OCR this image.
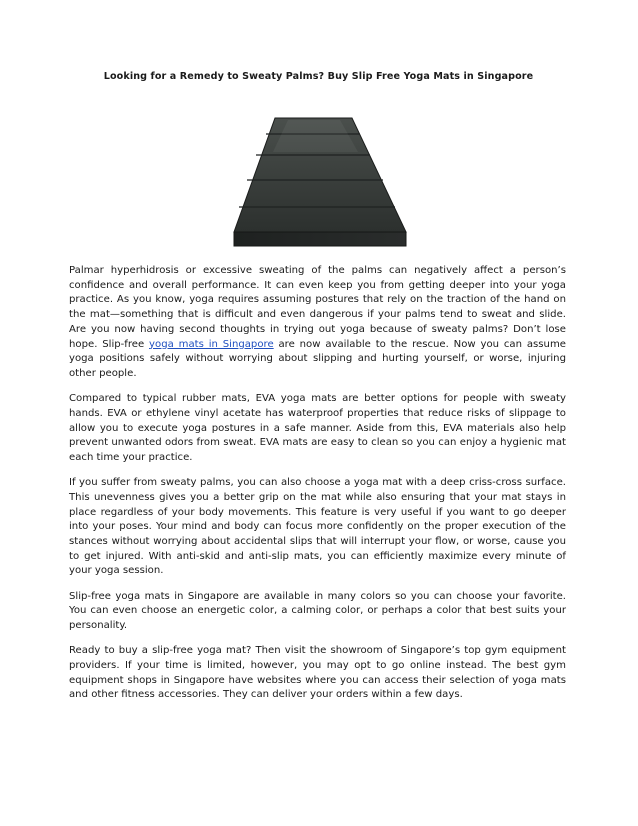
Looking for a Remedy to Sweaty Palms? Buy Slip Free Yoga Mats in Singapore

Palmar hyperhidrosis or excessive sweating of the palms can negatively affect a person’s confidence and overall performance. It can even keep you from getting deeper into your yoga practice. As you know, yoga requires assuming postures that rely on the traction of the hand on the mat—something that is difficult and even dangerous if your palms tend to sweat and slide. Are you now having second thoughts in trying out yoga because of sweaty palms? Don’t lose hope. Slip-free yoga mats in Singapore are now available to the rescue. Now you can assume yoga positions safely without worrying about slipping and hurting yourself, or worse, injuring other people.

Compared to typical rubber mats, EVA yoga mats are better options for people with sweaty hands. EVA or ethylene vinyl acetate has waterproof properties that reduce risks of slippage to allow you to execute yoga postures in a safe manner. Aside from this, EVA materials also help prevent unwanted odors from sweat. EVA mats are easy to clean so you can enjoy a hygienic mat each time your practice.

If you suffer from sweaty palms, you can also choose a yoga mat with a deep criss-cross surface. This unevenness gives you a better grip on the mat while also ensuring that your mat stays in place regardless of your body movements. This feature is very useful if you want to go deeper into your poses. Your mind and body can focus more confidently on the proper execution of the stances without worrying about accidental slips that will interrupt your flow, or worse, cause you to get injured. With anti-skid and anti-slip mats, you can efficiently maximize every minute of your yoga session.

Slip-free yoga mats in Singapore are available in many colors so you can choose your favorite. You can even choose an energetic color, a calming color, or perhaps a color that best suits your personality.

Ready to buy a slip-free yoga mat? Then visit the showroom of Singapore’s top gym equipment providers. If your time is limited, however, you may opt to go online instead. The best gym equipment shops in Singapore have websites where you can access their selection of yoga mats and other fitness accessories. They can deliver your orders within a few days.
